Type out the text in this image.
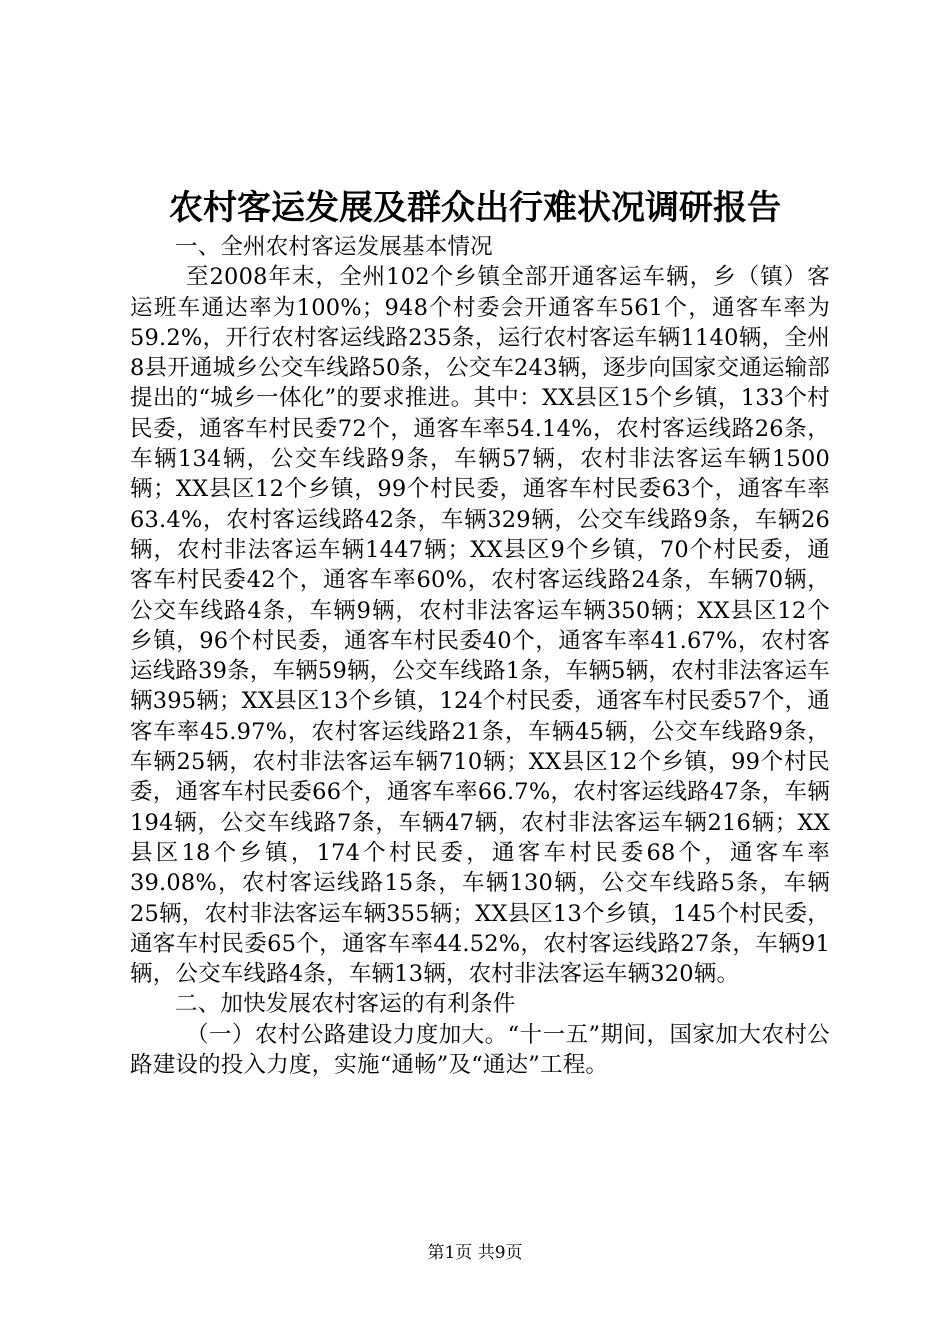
农村客运发展及群众出行难状况调研报告

一、全州农村客运发展基本情况

至2008年末，全州102个乡镇全部开通客运车辆，乡（镇）客运班车通达率为100%；948个村委会开通客车561个，通客车率为59.2%，开行农村客运线路235条，运行农村客运车辆1140辆，全州8县开通城乡公交车线路50条，公交车243辆，逐步向国家交通运输部提出的“城乡一体化”的要求推进。其中：XX县区15个乡镇，133个村民委，通客车村民委72个，通客车率54.14%，农村客运线路26条，车辆134辆，公交车线路9条，车辆57辆，农村非法客运车辆1500辆；XX县区12个乡镇，99个村民委，通客车村民委63个，通客车率63.4%，农村客运线路42条，车辆329辆，公交车线路9条，车辆26辆，农村非法客运车辆1447辆；XX县区9个乡镇，70个村民委，通客车村民委42个，通客车率60%，农村客运线路24条，车辆70辆，公交车线路4条，车辆9辆，农村非法客运车辆350辆；XX县区12个乡镇，96个村民委，通客车村民委40个，通客车率41.67%，农村客运线路39条，车辆59辆，公交车线路1条，车辆5辆，农村非法客运车辆395辆；XX县区13个乡镇，124个村民委，通客车村民委57个，通客车率45.97%，农村客运线路21条，车辆45辆，公交车线路9条，车辆25辆，农村非法客运车辆710辆；XX县区12个乡镇，99个村民委，通客车村民委66个，通客车率66.7%，农村客运线路47条，车辆194辆，公交车线路7条，车辆47辆，农村非法客运车辆216辆；XX县区18个乡镇，174个村民委，通客车村民委68个，通客车率39.08%，农村客运线路15条，车辆130辆，公交车线路5条，车辆25辆，农村非法客运车辆355辆；XX县区13个乡镇，145个村民委，通客车村民委65个，通客车率44.52%，农村客运线路27条，车辆91辆，公交车线路4条，车辆13辆，农村非法客运车辆320辆。

二、加快发展农村客运的有利条件

（一）农村公路建设力度加大。“十一五”期间，国家加大农村公路建设的投入力度，实施“通畅”及“通达”工程。

第1页 共9页
